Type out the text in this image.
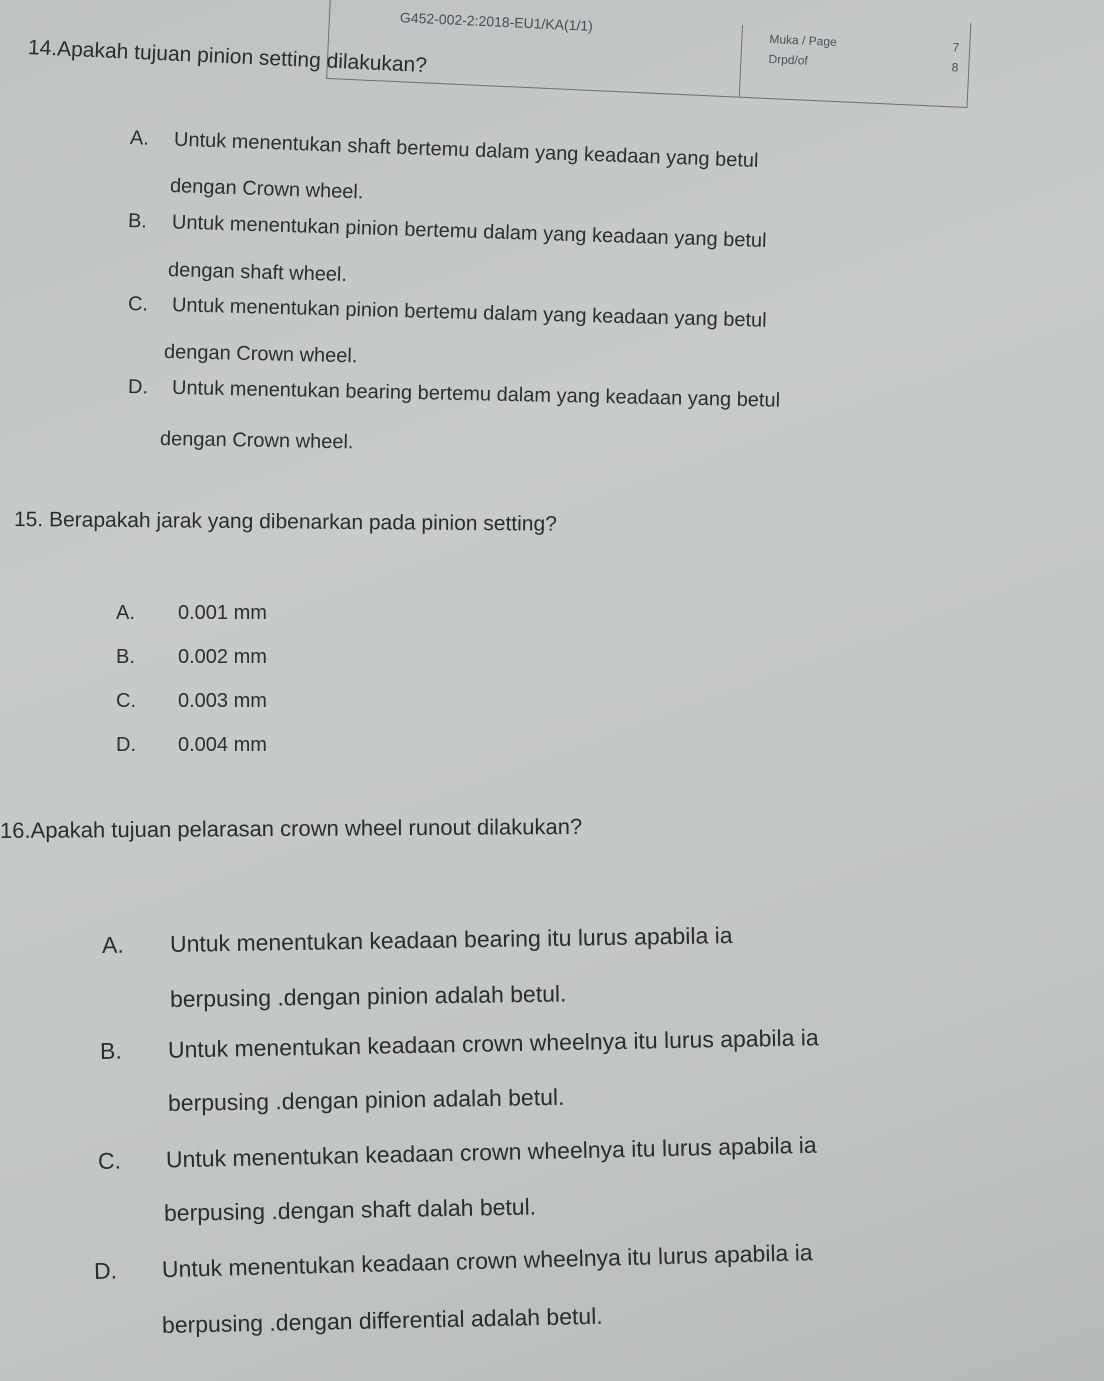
G452-002-2:2018-EU1/KA(1/1)
Muka / Page	7
Drpd/of	8
14.Apakah tujuan pinion setting dilakukan?
A. Untuk menentukan shaft bertemu dalam yang keadaan yang betul
dengan Crown wheel.
B. Untuk menentukan pinion bertemu dalam yang keadaan yang betul
dengan shaft wheel.
C. Untuk menentukan pinion bertemu dalam yang keadaan yang betul
dengan Crown wheel.
D. Untuk menentukan bearing bertemu dalam yang keadaan yang betul
dengan Crown wheel.
15. Berapakah jarak yang dibenarkan pada pinion setting?
A. 0.001 mm
B. 0.002 mm
C. 0.003 mm
D. 0.004 mm
16.Apakah tujuan pelarasan crown wheel runout dilakukan?
A. Untuk menentukan keadaan bearing itu lurus apabila ia
berpusing .dengan pinion adalah betul.
B. Untuk menentukan keadaan crown wheelnya itu lurus apabila ia
berpusing .dengan pinion adalah betul.
C. Untuk menentukan keadaan crown wheelnya itu lurus apabila ia
berpusing .dengan shaft dalah betul.
D. Untuk menentukan keadaan crown wheelnya itu lurus apabila ia
berpusing .dengan differential adalah betul.
